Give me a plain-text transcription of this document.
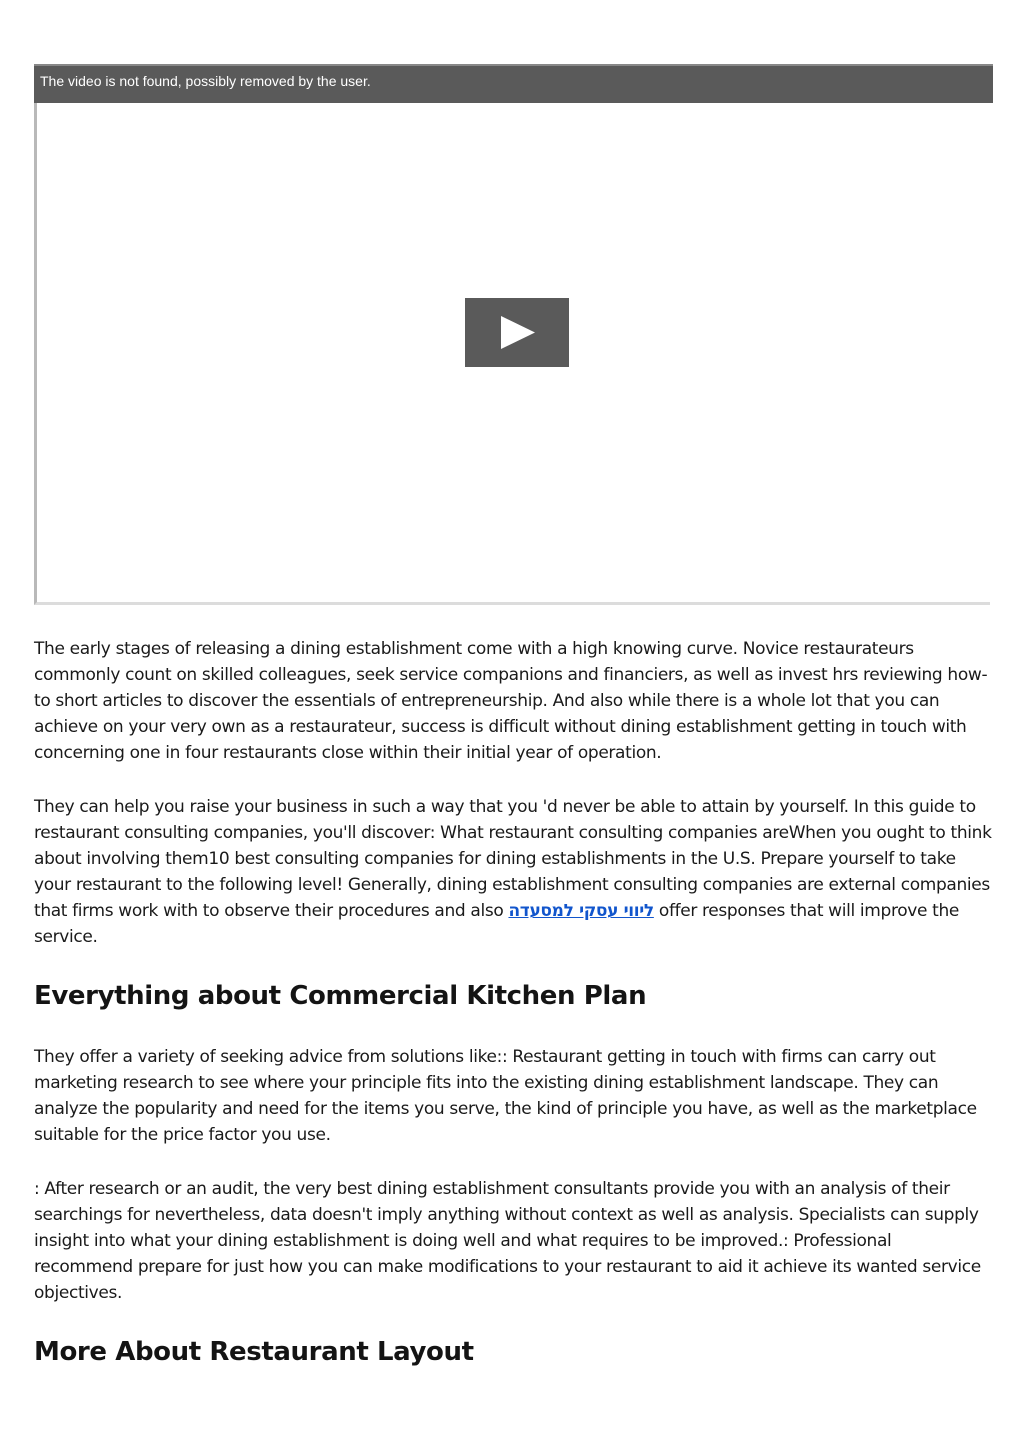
The video is not found, possibly removed by the user.

The early stages of releasing a dining establishment come with a high knowing curve. Novice restaurateurs commonly count on skilled colleagues, seek service companions and financiers, as well as invest hrs reviewing how-to short articles to discover the essentials of entrepreneurship. And also while there is a whole lot that you can achieve on your very own as a restaurateur, success is difficult without dining establishment getting in touch with concerning one in four restaurants close within their initial year of operation.

They can help you raise your business in such a way that you 'd never be able to attain by yourself. In this guide to restaurant consulting companies, you'll discover: What restaurant consulting companies areWhen you ought to think about involving them10 best consulting companies for dining establishments in the U.S. Prepare yourself to take your restaurant to the following level! Generally, dining establishment consulting companies are external companies that firms work with to observe their procedures and also ליווי עסקי למסעדה offer responses that will improve the service.

Everything about Commercial Kitchen Plan

They offer a variety of seeking advice from solutions like:: Restaurant getting in touch with firms can carry out marketing research to see where your principle fits into the existing dining establishment landscape. They can analyze the popularity and need for the items you serve, the kind of principle you have, as well as the marketplace suitable for the price factor you use.

: After research or an audit, the very best dining establishment consultants provide you with an analysis of their searchings for nevertheless, data doesn't imply anything without context as well as analysis. Specialists can supply insight into what your dining establishment is doing well and what requires to be improved.: Professional recommend prepare for just how you can make modifications to your restaurant to aid it achieve its wanted service objectives.

More About Restaurant Layout
